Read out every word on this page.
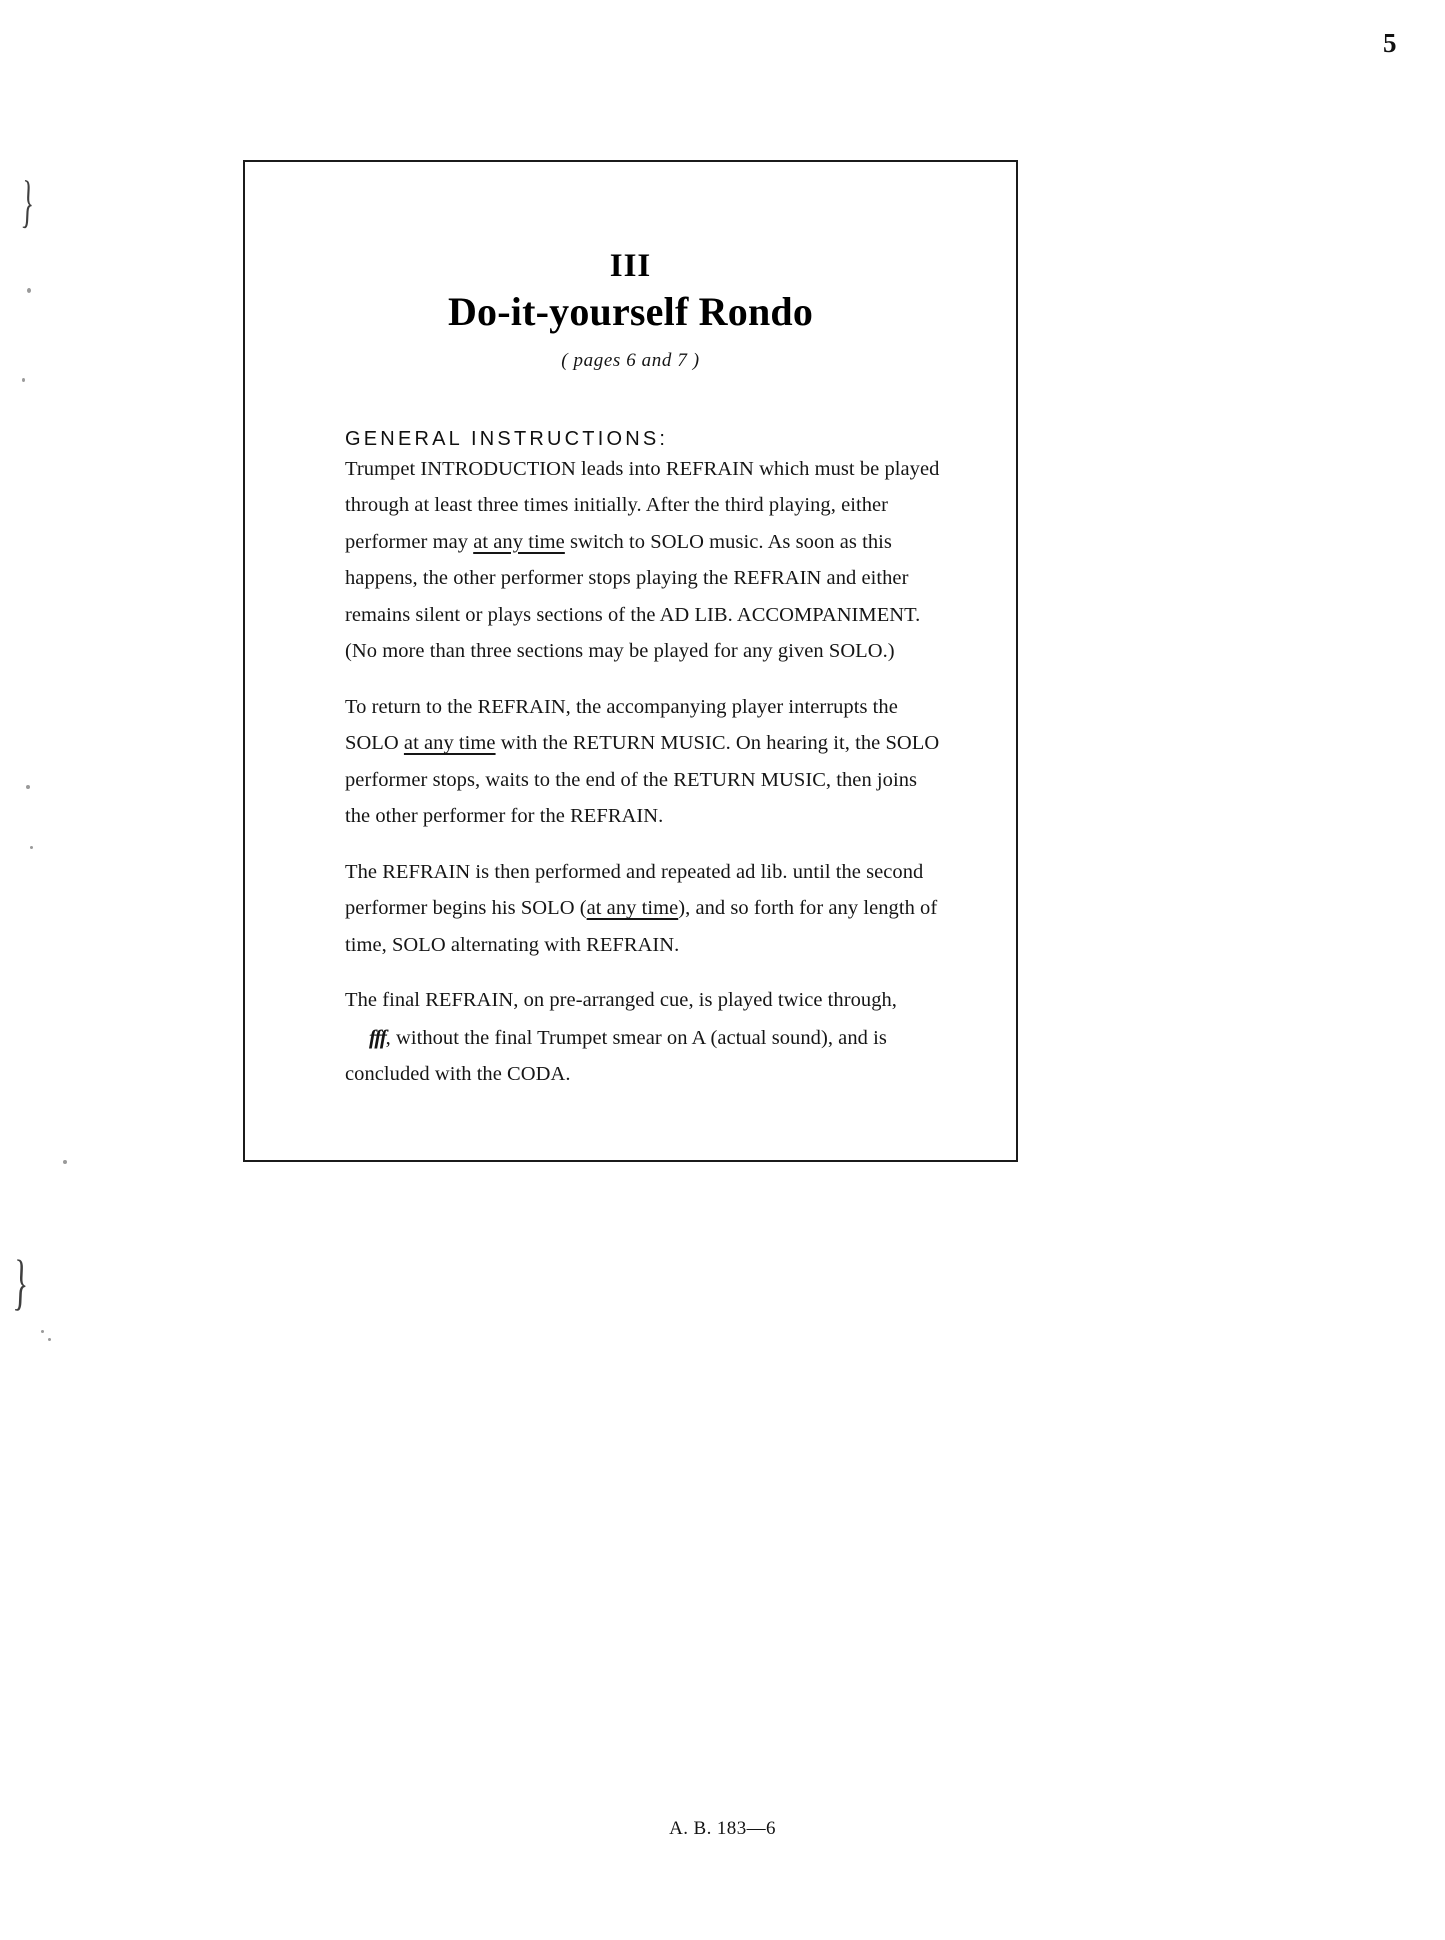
5
}
}
III
Do-it-yourself Rondo
( pages 6 and 7 )
GENERAL INSTRUCTIONS:

Trumpet INTRODUCTION leads into REFRAIN which must be played through at least three times initially. After the third playing, either performer may at any time switch to SOLO music. As soon as this happens, the other performer stops playing the REFRAIN and either remains silent or plays sections of the AD LIB. ACCOMPANIMENT. (No more than three sections may be played for any given SOLO.)

To return to the REFRAIN, the accompanying player interrupts the SOLO at any time with the RETURN MUSIC. On hearing it, the SOLO performer stops, waits to the end of the RETURN MUSIC, then joins the other performer for the REFRAIN.

The REFRAIN is then performed and repeated ad lib. until the second performer begins his SOLO (at any time), and so forth for any length of time, SOLO alternating with REFRAIN.

The final REFRAIN, on pre-arranged cue, is played twice through,
fff, without the final Trumpet smear on A (actual sound), and is concluded with the CODA.

A. B. 183—6
